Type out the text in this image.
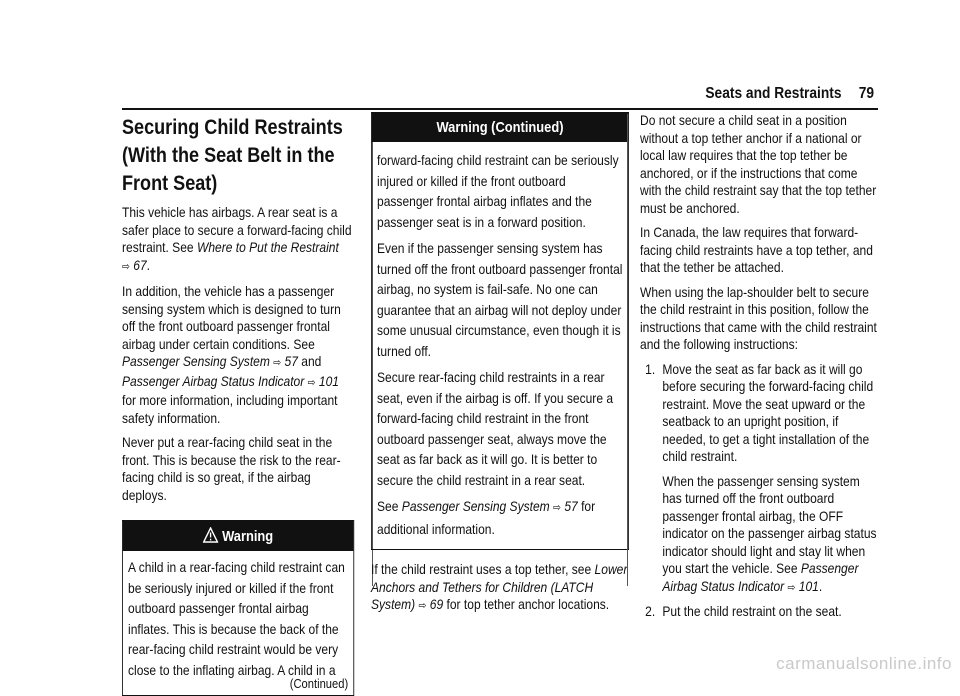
Seats and Restraints 79
Securing Child Restraints (With the Seat Belt in the Front Seat)

This vehicle has airbags. A rear seat is a safer place to secure a forward-facing child restraint. See Where to Put the Restraint
⇨ 67.

In addition, the vehicle has a passenger sensing system which is designed to turn off the front outboard passenger frontal airbag under certain conditions. See Passenger Sensing System ⇨ 57 and
Passenger Airbag Status Indicator ⇨ 101 for more information, including important safety information.

Never put a rear-facing child seat in the front. This is because the risk to the rear-facing child is so great, if the airbag deploys.

Warning

A child in a rear-facing child restraint can be seriously injured or killed if the front outboard passenger frontal airbag inflates. This is because the back of the rear-facing child restraint would be very close to the inflating airbag. A child in a

(Continued)
Warning (Continued)

forward-facing child restraint can be seriously injured or killed if the front outboard passenger frontal airbag inflates and the passenger seat is in a forward position.

Even if the passenger sensing system has turned off the front outboard passenger frontal airbag, no system is fail-safe. No one can guarantee that an airbag will not deploy under some unusual circumstance, even though it is turned off.

Secure rear-facing child restraints in a rear seat, even if the airbag is off. If you secure a forward-facing child restraint in the front outboard passenger seat, always move the seat as far back as it will go. It is better to secure the child restraint in a rear seat.

See Passenger Sensing System ⇨ 57 for additional information.

If the child restraint uses a top tether, see Lower Anchors and Tethers for Children (LATCH System) ⇨ 69 for top tether anchor locations.

Do not secure a child seat in a position without a top tether anchor if a national or local law requires that the top tether be anchored, or if the instructions that come with the child restraint say that the top tether must be anchored.

In Canada, the law requires that forward-facing child restraints have a top tether, and that the tether be attached.

When using the lap-shoulder belt to secure the child restraint in this position, follow the instructions that came with the child restraint and the following instructions:

1. Move the seat as far back as it will go before securing the forward-facing child restraint. Move the seat upward or the seatback to an upright position, if needed, to get a tight installation of the child restraint.

When the passenger sensing system has turned off the front outboard passenger frontal airbag, the OFF indicator on the passenger airbag status indicator should light and stay lit when you start the vehicle. See Passenger Airbag Status Indicator ⇨ 101.

2. Put the child restraint on the seat.
carmanualsonline.info
